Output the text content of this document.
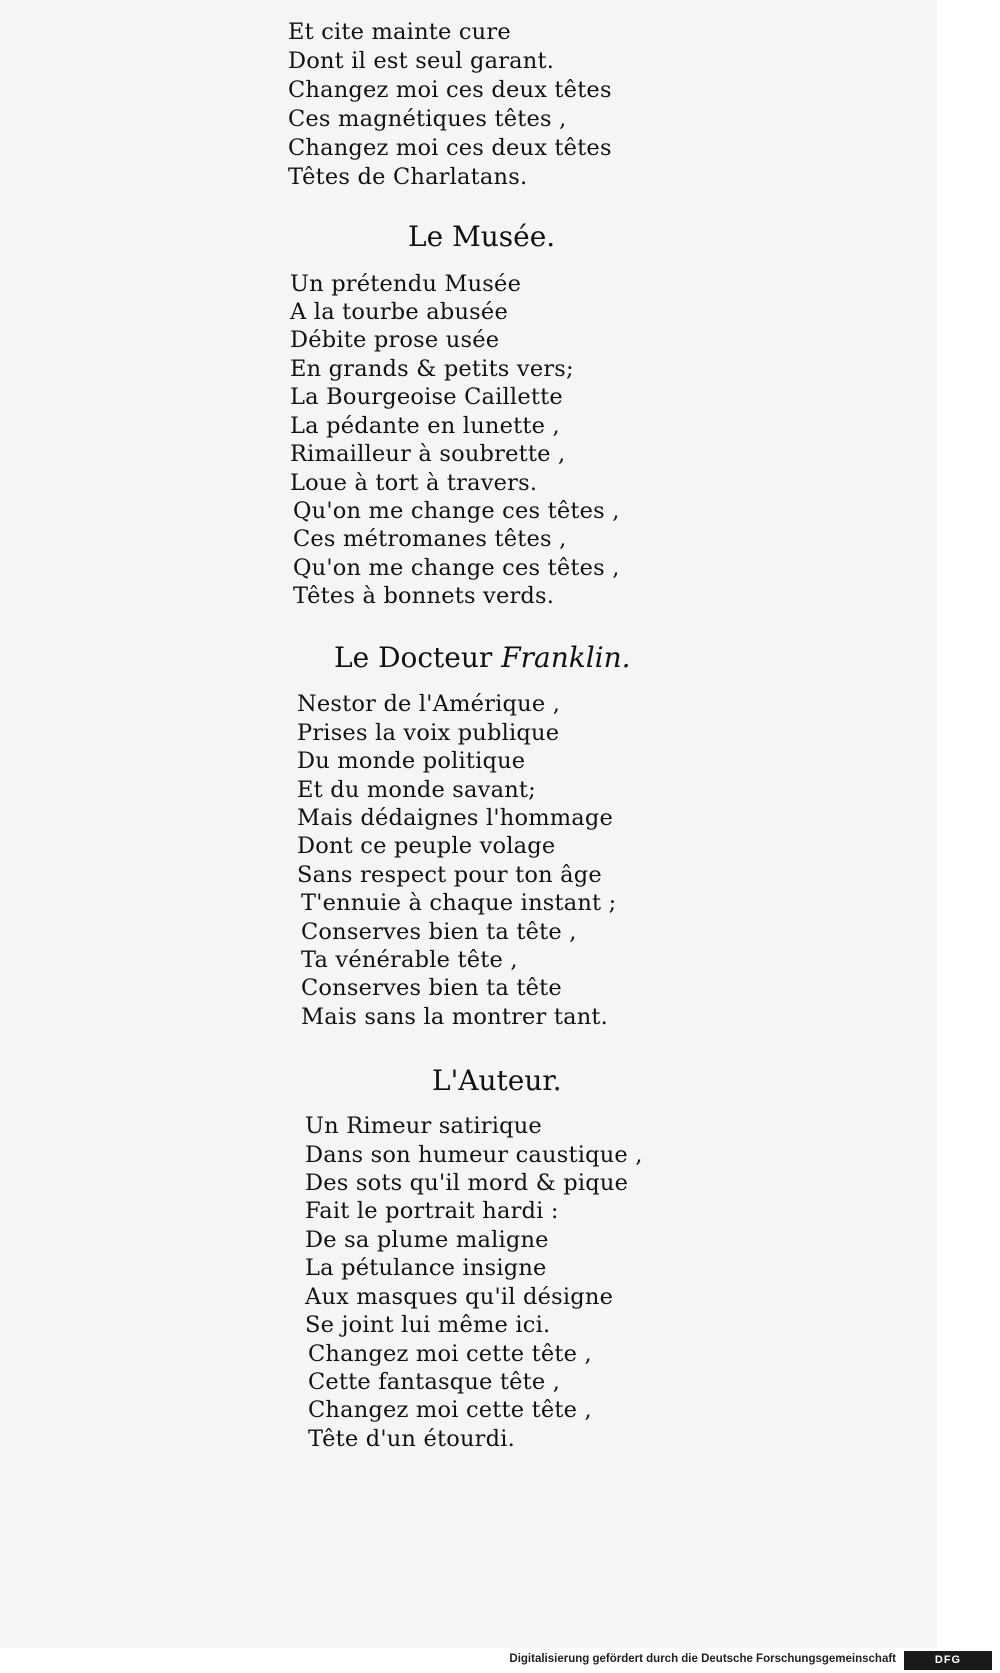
Et cite mainte cure
Dont il est seul garant.
Changez moi ces deux têtes
Ces magnétiques têtes ,
Changez moi ces deux têtes
Têtes de Charlatans.
Le Musée.
Un prétendu Musée
A la tourbe abusée
Débite prose usée
En grands & petits vers;
La Bourgeoise Caillette
La pédante en lunette ,
Rimailleur à soubrette ,
Loue à tort à travers.
Qu'on me change ces têtes ,
Ces métromanes têtes ,
Qu'on me change ces têtes ,
Têtes à bonnets verds.
Le Docteur Franklin.
Nestor de l'Amérique ,
Prises la voix publique
Du monde politique
Et du monde savant;
Mais dédaignes l'hommage
Dont ce peuple volage
Sans respect pour ton âge
T'ennuie à chaque instant ;
Conserves bien ta tête ,
Ta vénérable tête ,
Conserves bien ta tête
Mais sans la montrer tant.
L'Auteur.
Un Rimeur satirique
Dans son humeur caustique ,
Des sots qu'il mord & pique
Fait le portrait hardi :
De sa plume maligne
La pétulance insigne
Aux masques qu'il désigne
Se joint lui même ici.
Changez moi cette tête ,
Cette fantasque tête ,
Changez moi cette tête ,
Tête d'un étourdi.
Digitalisierung gefördert durch die Deutsche Forschungsgemeinschaft	DFG
